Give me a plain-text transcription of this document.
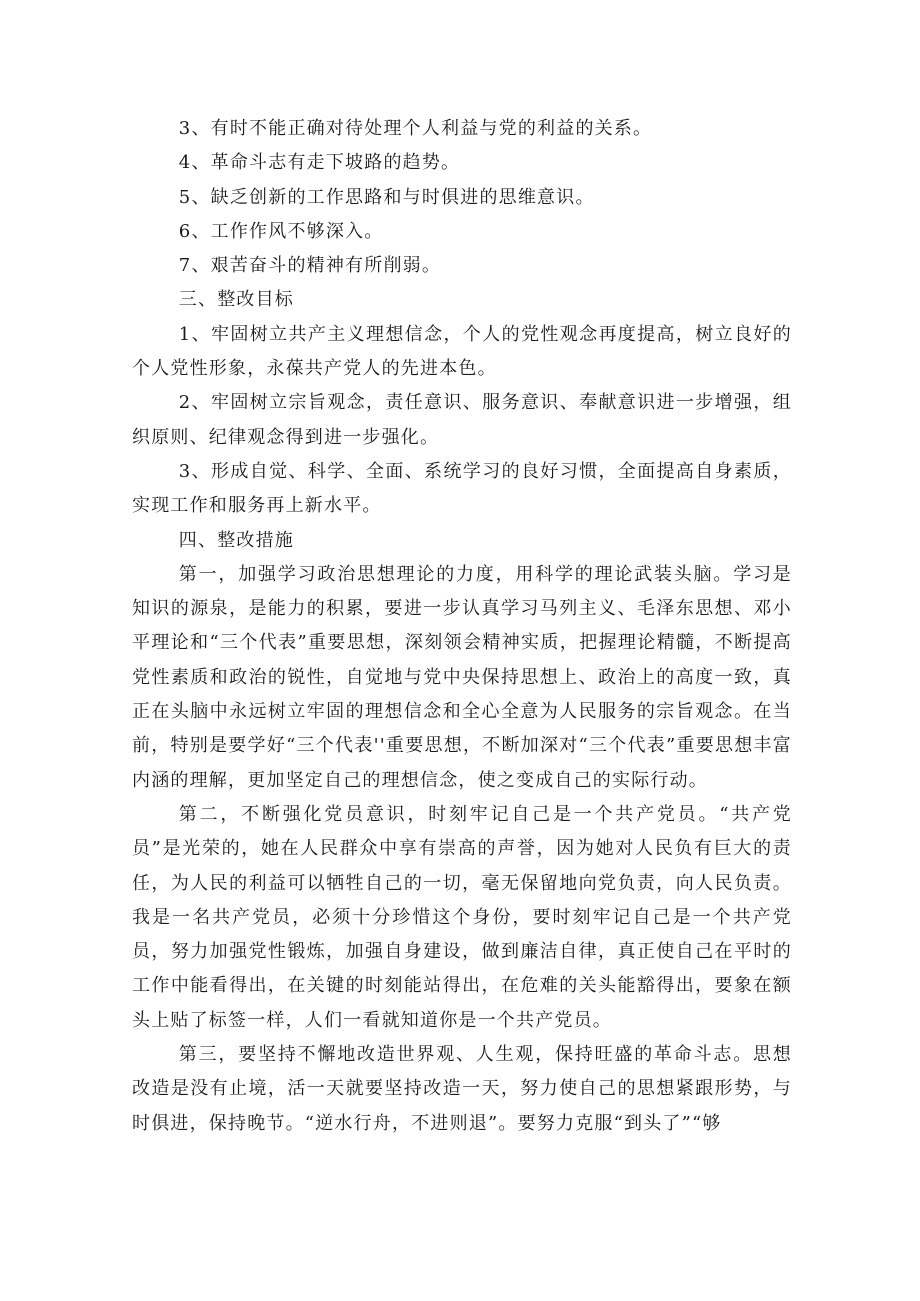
3、有时不能正确对待处理个人利益与党的利益的关系。

4、革命斗志有走下坡路的趋势。

5、缺乏创新的工作思路和与时俱进的思维意识。

6、工作作风不够深入。

7、艰苦奋斗的精神有所削弱。

三、整改目标

1、牢固树立共产主义理想信念，个人的党性观念再度提高，树立良好的个人党性形象，永葆共产党人的先进本色。

2、牢固树立宗旨观念，责任意识、服务意识、奉献意识进一步增强，组织原则、纪律观念得到进一步强化。

3、形成自觉、科学、全面、系统学习的良好习惯，全面提高自身素质，实现工作和服务再上新水平。

四、整改措施

第一，加强学习政治思想理论的力度，用科学的理论武装头脑。学习是知识的源泉，是能力的积累，要进一步认真学习马列主义、毛泽东思想、邓小平理论和“三个代表”重要思想，深刻领会精神实质，把握理论精髓，不断提高党性素质和政治的锐性，自觉地与党中央保持思想上、政治上的高度一致，真正在头脑中永远树立牢固的理想信念和全心全意为人民服务的宗旨观念。在当前，特别是要学好“三个代表''重要思想，不断加深对“三个代表”重要思想丰富内涵的理解，更加坚定自己的理想信念，使之变成自己的实际行动。

第二，不断强化党员意识，时刻牢记自己是一个共产党员。“共产党员”是光荣的，她在人民群众中享有崇高的声誉，因为她对人民负有巨大的责任，为人民的利益可以牺牲自己的一切，毫无保留地向党负责，向人民负责。我是一名共产党员，必须十分珍惜这个身份，要时刻牢记自己是一个共产党员，努力加强党性锻炼，加强自身建设，做到廉洁自律，真正使自己在平时的工作中能看得出，在关键的时刻能站得出，在危难的关头能豁得出，要象在额头上贴了标签一样，人们一看就知道你是一个共产党员。

第三，要坚持不懈地改造世界观、人生观，保持旺盛的革命斗志。思想改造是没有止境，活一天就要坚持改造一天，努力使自己的思想紧跟形势，与时俱进，保持晚节。“逆水行舟，不进则退”。要努力克服“到头了”“够
